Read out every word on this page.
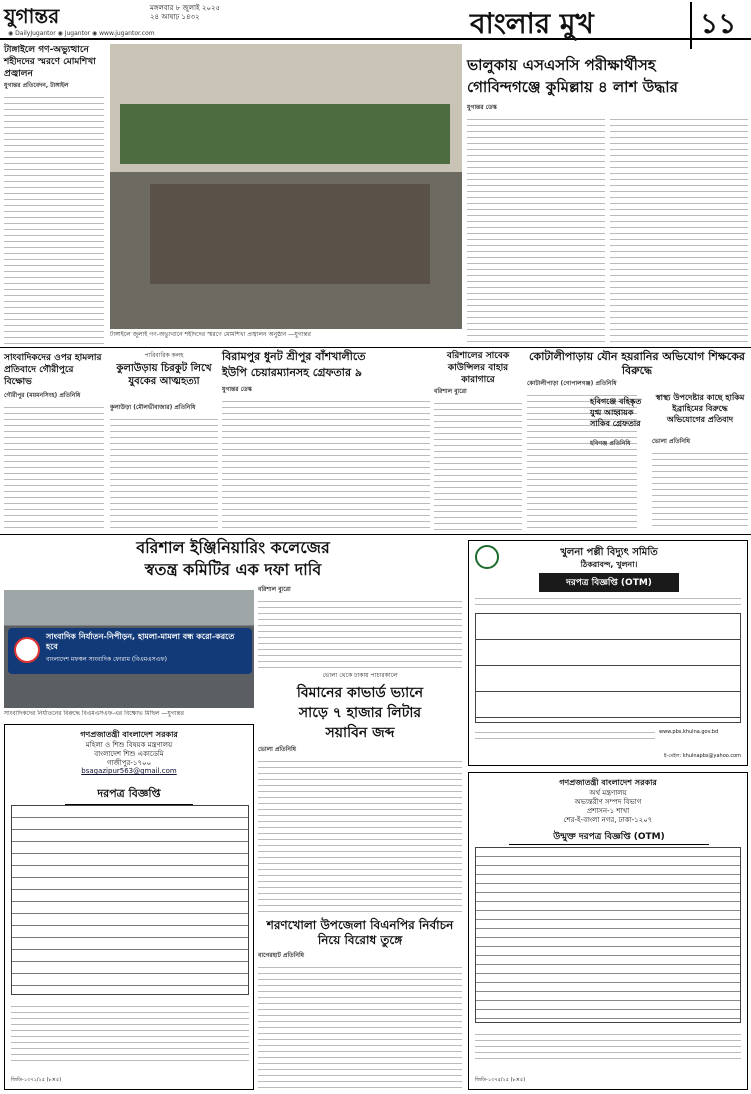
যুগান্তর	মঙ্গলবার ৮ জুলাই ২০২৫
২৪ আষাঢ় ১৪৩২
◉ DailyJugantor ◉ Jugantor ◉ www.jugantor.com	বাংলার মুখ	১১
টাঙ্গাইলে গণ-অভ্যুত্থানে শহীদদের স্মরণে মোমশিখা প্রজ্বালন
যুগান্তর প্রতিবেদন, টাঙ্গাইল
টাঙ্গাইলে জুলাই গণ-অভ্যুত্থানে শহীদদের স্মরণে মোমশিখা প্রজ্বালন অনুষ্ঠান —যুগান্তর
ভালুকায় এসএসসি পরীক্ষার্থীসহ
গোবিন্দগঞ্জে কুমিল্লায় ৪ লাশ উদ্ধার
যুগান্তর ডেস্ক
সাংবাদিকদের ওপর হামলার প্রতিবাদে গৌরীপুরে বিক্ষোভ
গৌরীপুর (ময়মনসিংহ) প্রতিনিধি
পারিবারিক কলহ
কুলাউড়ায় চিরকুট লিখে যুবকের আত্মহত্যা
কুলাউড়া (মৌলভীবাজার) প্রতিনিধি
বিরামপুর ধুনট শ্রীপুর বাঁশখালীতে
ইউপি চেয়ারম্যানসহ গ্রেফতার ৯
যুগান্তর ডেস্ক
বরিশালের সাবেক কাউন্সিলর বাহার কারাগারে
বরিশাল ব্যুরো
কোটালীপাড়ায় যৌন হয়রানির অভিযোগ শিক্ষকের বিরুদ্ধে
কোটালীপাড়া (গোপালগঞ্জ) প্রতিনিধি
হবিগঞ্জে বহিষ্কৃত যুগ্ম আহ্বায়ক সাকিব গ্রেফতার
হবিগঞ্জ প্রতিনিধি
স্বাস্থ্য উপদেষ্টার কাছে হাকিম ইব্রাহিমের বিরুদ্ধে অভিযোগের প্রতিবাদ
ভোলা প্রতিনিধি
বরিশাল ইঞ্জিনিয়ারিং কলেজের
স্বতন্ত্র কমিটির এক দফা দাবি
বরিশাল ব্যুরো
সাংবাদিক নির্যাতন-নিপীড়ন, হামলা-মামলা বন্ধ করো-করতে হবে
বাংলাদেশ মফস্বল সাংবাদিক ফোরাম (বিএমএসএফ)
সাংবাদিকদের নির্যাতনের বিরুদ্ধে বিএমএসএফ-এর বিক্ষোভ মিছিল —যুগান্তর
খুলনা পল্লী বিদ্যুৎ সমিতি
ঠিকরাবন্দ, খুলনা।
দরপত্র বিজ্ঞপ্তি (OTM)
www.pbs.khulna.gov.bd
ই-মেইল: khulnapbs@yahoo.com
ভোলা থেকে ঢাকায় পাচারকালে
বিমানের কাভার্ড ভ্যানে
সাড়ে ৭ হাজার লিটার
সয়াবিন জব্দ
ভোলা প্রতিনিধি
গণপ্রজাতন্ত্রী বাংলাদেশ সরকার
মহিলা ও শিশু বিষয়ক মন্ত্রণালয়
বাংলাদেশ শিশু একাডেমি
গাজীপুর-১৭০০
bsagazipur563@gmail.com
দরপত্র বিজ্ঞপ্তি
জিডি-১৩৭১/২৫ (৮×৫)
গণপ্রজাতন্ত্রী বাংলাদেশ সরকার
অর্থ মন্ত্রণালয়
অভ্যন্তরীণ সম্পদ বিভাগ
প্রশাসন-১ শাখা
শের-ই-বাংলা নগর, ঢাকা-১২০৭
উন্মুক্ত দরপত্র বিজ্ঞপ্তি (OTM)
জিডি-১৩৭৫/২৫ (৮×৫)
শরণখোলা উপজেলা বিএনপির নির্বাচন নিয়ে বিরোধ তুঙ্গে
বাগেরহাট প্রতিনিধি
